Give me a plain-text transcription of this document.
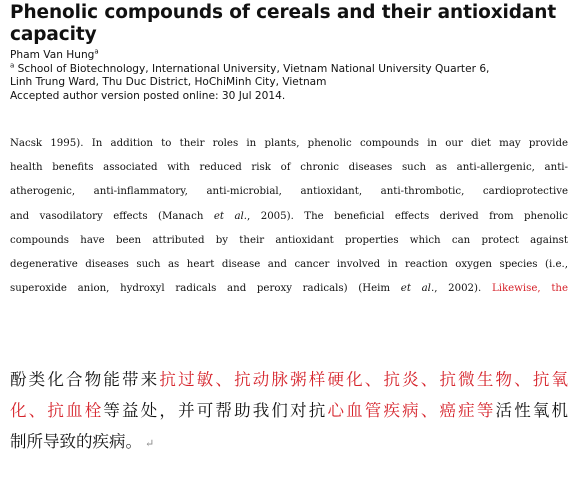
Phenolic compounds of cereals and their antioxidant
capacity
Pham Van Hung$^a$
$^a$ School of Biotechnology, International University, Vietnam National University Quarter 6,
Linh Trung Ward, Thu Duc District, HoChiMinh City, Vietnam
Accepted author version posted online: 30 Jul 2014.
Nacsk 1995). In addition to their roles in plants, phenolic compounds in our diet may provide
health benefits associated with reduced risk of chronic diseases such as anti-allergenic, anti-
atherogenic, anti-inflammatory, anti-microbial, antioxidant, anti-thrombotic, cardioprotective
and vasodilatory effects (Manach et al., 2005). The beneficial effects derived from phenolic
compounds have been attributed by their antioxidant properties which can protect against
degenerative diseases such as heart disease and cancer involved in reaction oxygen species (i.e.,
superoxide anion, hydroxyl radicals and peroxy radicals) (Heim et al., 2002). Likewise, the
酚类化合物能带来抗过敏、抗动脉粥样硬化、抗炎、抗微生物、抗氧
化、抗血栓等益处，并可帮助我们对抗心血管疾病、癌症等活性氧机
制所导致的疾病。 ↵
